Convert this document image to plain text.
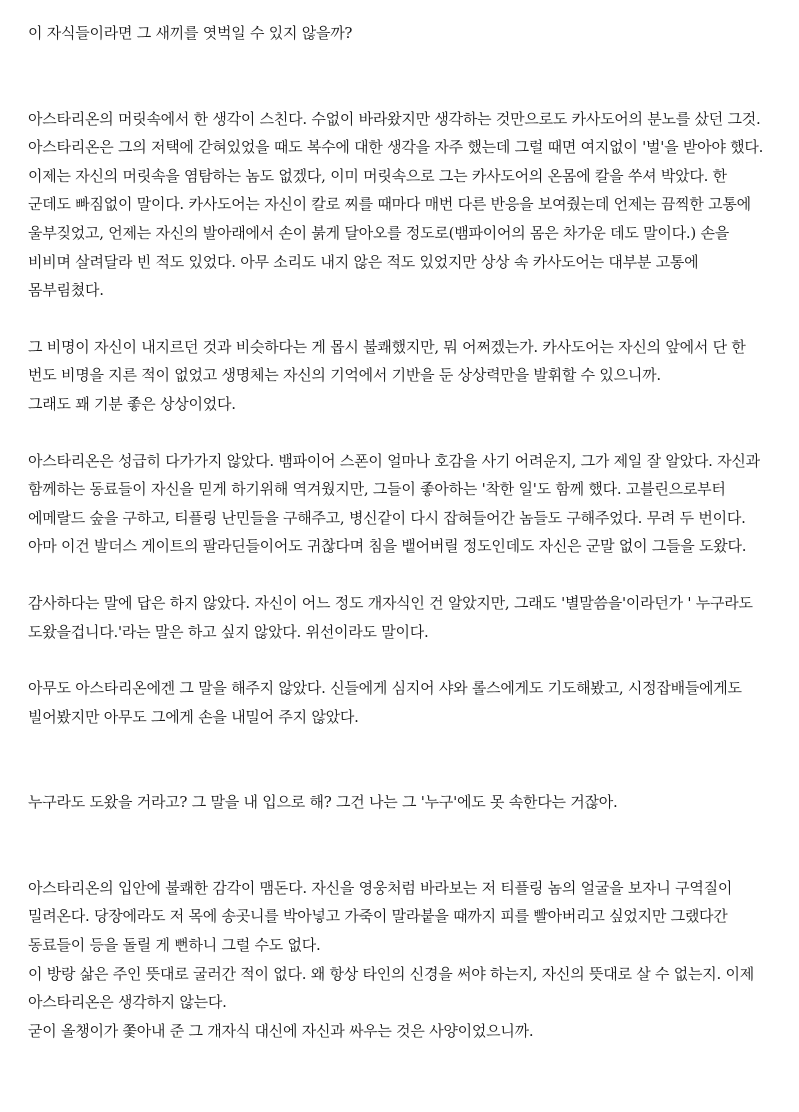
이 자식들이라면 그 새끼를 엿벅일 수 있지 않을까?

아스타리온의 머릿속에서 한 생각이 스친다. 수없이 바라왔지만 생각하는 것만으로도 카사도어의 분노를 샀던 그것. 아스타리온은 그의 저택에 갇혀있었을 때도 복수에 대한 생각을 자주 했는데 그럴 때면 여지없이 '벌'을 받아야 했다. 이제는 자신의 머릿속을 염탐하는 놈도 없겠다, 이미 머릿속으로 그는 카사도어의 온몸에 칼을 쑤셔 박았다. 한 군데도 빠짐없이 말이다. 카사도어는 자신이 칼로 찌를 때마다 매번 다른 반응을 보여줬는데 언제는 끔찍한 고통에 울부짖었고, 언제는 자신의 발아래에서 손이 붉게 달아오를 정도로(뱀파이어의 몸은 차가운 데도 말이다.) 손을 비비며 살려달라 빈 적도 있었다. 아무 소리도 내지 않은 적도 있었지만 상상 속 카사도어는 대부분 고통에 몸부림쳤다.

그 비명이 자신이 내지르던 것과 비슷하다는 게 몹시 불쾌했지만, 뭐 어쩌겠는가. 카사도어는 자신의 앞에서 단 한 번도 비명을 지른 적이 없었고 생명체는 자신의 기억에서 기반을 둔 상상력만을 발휘할 수 있으니까.

그래도 꽤 기분 좋은 상상이었다.

아스타리온은 성급히 다가가지 않았다. 뱀파이어 스폰이 얼마나 호감을 사기 어려운지, 그가 제일 잘 알았다. 자신과 함께하는 동료들이 자신을 믿게 하기위해 역겨웠지만, 그들이 좋아하는 '착한 일'도 함께 했다. 고블린으로부터 에메랄드 숲을 구하고, 티플링 난민들을 구해주고, 병신같이 다시 잡혀들어간 놈들도 구해주었다. 무려 두 번이다. 아마 이건 발더스 게이트의 팔라딘들이어도 귀찮다며 침을 뱉어버릴 정도인데도 자신은 군말 없이 그들을 도왔다.

감사하다는 말에 답은 하지 않았다. 자신이 어느 정도 개자식인 건 알았지만, 그래도 '별말씀을'이라던가 ' 누구라도 도왔을겁니다.'라는 말은 하고 싶지 않았다. 위선이라도 말이다.

아무도 아스타리온에겐 그 말을 해주지 않았다. 신들에게 심지어 샤와 롤스에게도 기도해봤고, 시정잡배들에게도 빌어봤지만 아무도 그에게 손을 내밀어 주지 않았다.

누구라도 도왔을 거라고? 그 말을 내 입으로 해? 그건 나는 그 '누구'에도 못 속한다는 거잖아.

아스타리온의 입안에 불쾌한 감각이 맴돈다. 자신을 영웅처럼 바라보는 저 티플링 놈의 얼굴을 보자니 구역질이 밀려온다. 당장에라도 저 목에 송곳니를 박아넣고 가죽이 말라붙을 때까지 피를 빨아버리고 싶었지만 그랬다간 동료들이 등을 돌릴 게 뻔하니 그럴 수도 없다.

이 방랑 삶은 주인 뜻대로 굴러간 적이 없다. 왜 항상 타인의 신경을 써야 하는지, 자신의 뜻대로 살 수 없는지. 이제 아스타리온은 생각하지 않는다.

굳이 올챙이가 쫓아내 준 그 개자식 대신에 자신과 싸우는 것은 사양이었으니까.
